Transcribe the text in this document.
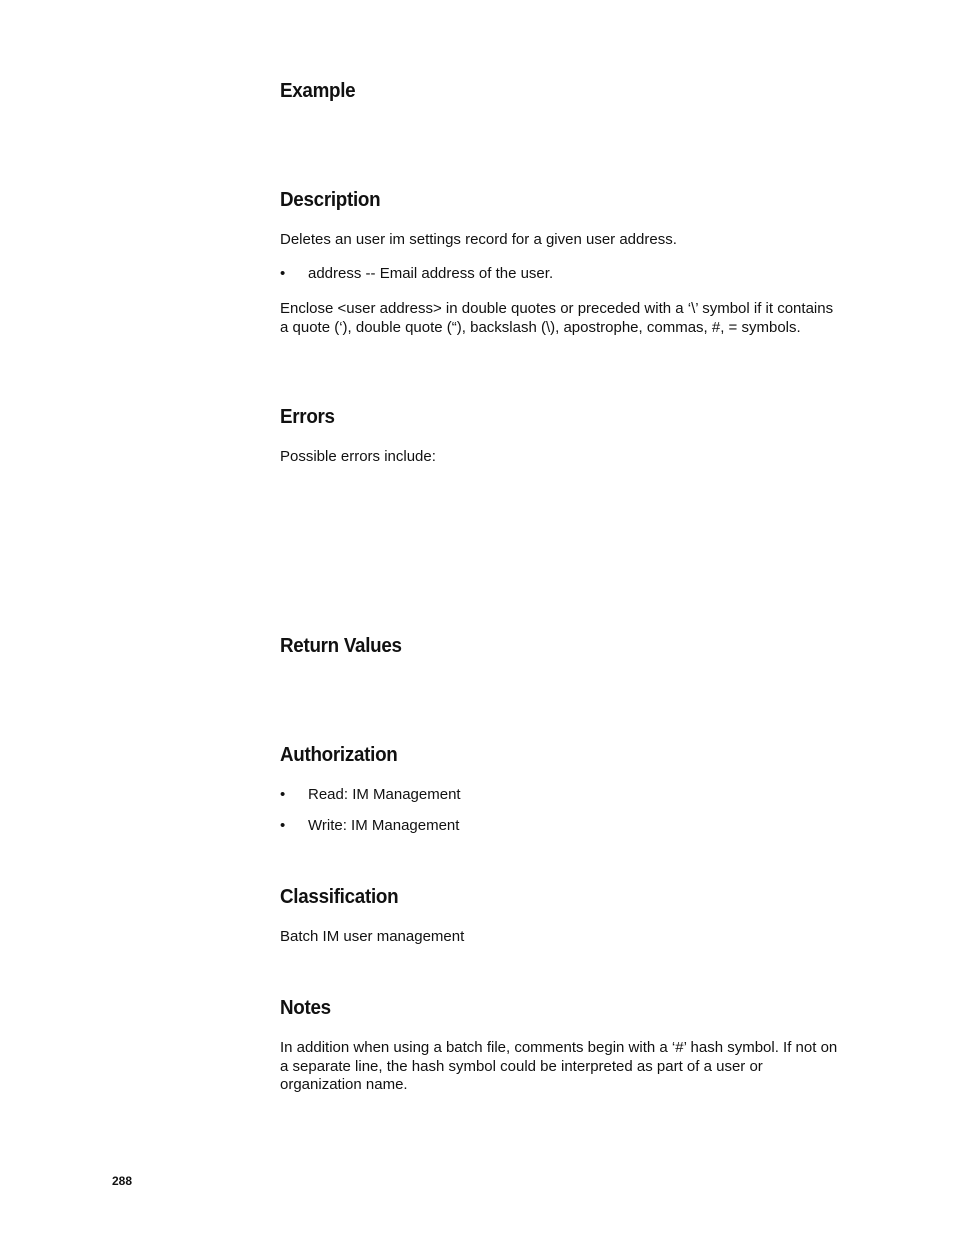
Example
Description

Deletes an user im settings record for a given user address.

• address -- Email address of the user.

Enclose <user address> in double quotes or preceded with a ‘\’ symbol if it contains a quote (‘), double quote (“), backslash (\), apostrophe, commas, #, = symbols.

Errors

Possible errors include:

Return Values
Authorization
• Read: IM Management
• Write: IM Management
Classification

Batch IM user management

Notes

In addition when using a batch file, comments begin with a ‘#’ hash symbol. If not on a separate line, the hash symbol could be interpreted as part of a user or organization name.

288
